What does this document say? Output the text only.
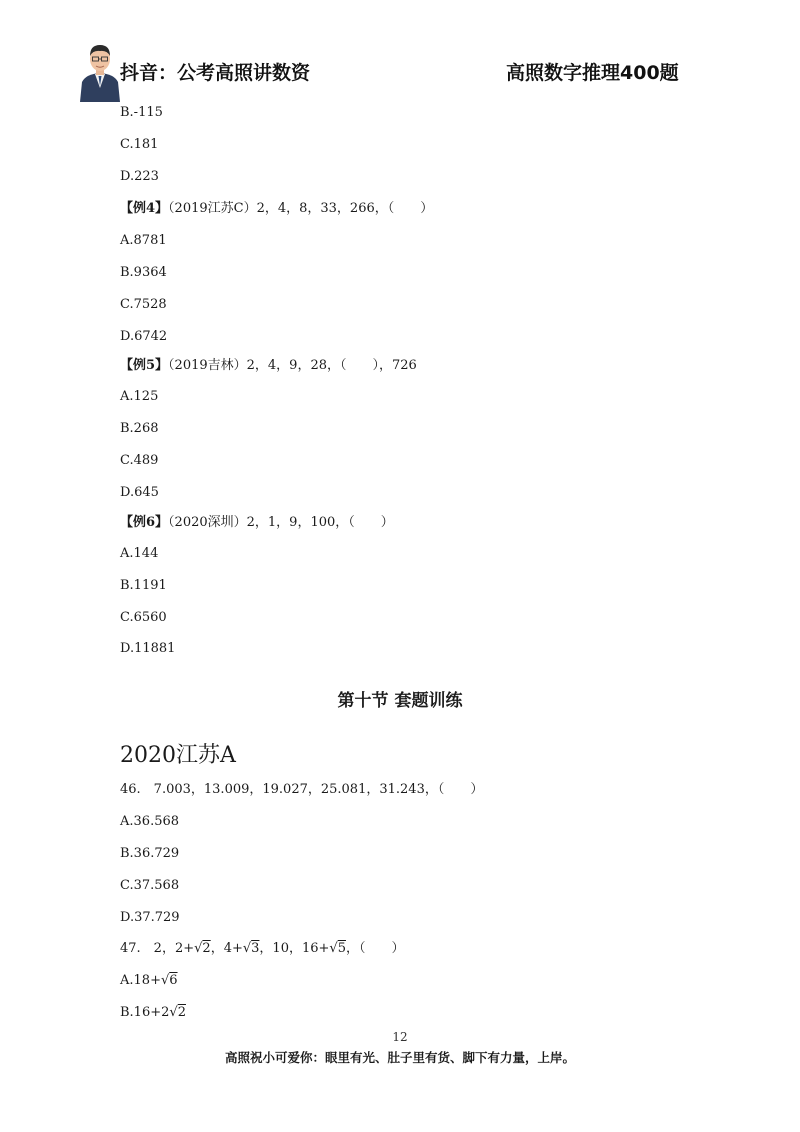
抖音：公考高照讲数资	高照数字推理400题
B.-115
C.181
D.223
【例4】（2019江苏C）2，4，8，33，266，（　　）
A.8781
B.9364
C.7528
D.6742
【例5】（2019吉林）2，4，9，28，（　　），726
A.125
B.268
C.489
D.645
【例6】（2020深圳）2，1，9，100，（　　）
A.144
B.1191
C.6560
D.11881
第十节 套题训练
2020江苏A
46.　7.003，13.009，19.027，25.081，31.243，（　　）
A.36.568
B.36.729
C.37.568
D.37.729
47.　2，2+√2，4+√3，10，16+√5，（　　）
A.18+√6
B.16+2√2
12
高照祝小可爱你：眼里有光、肚子里有货、脚下有力量，上岸。
